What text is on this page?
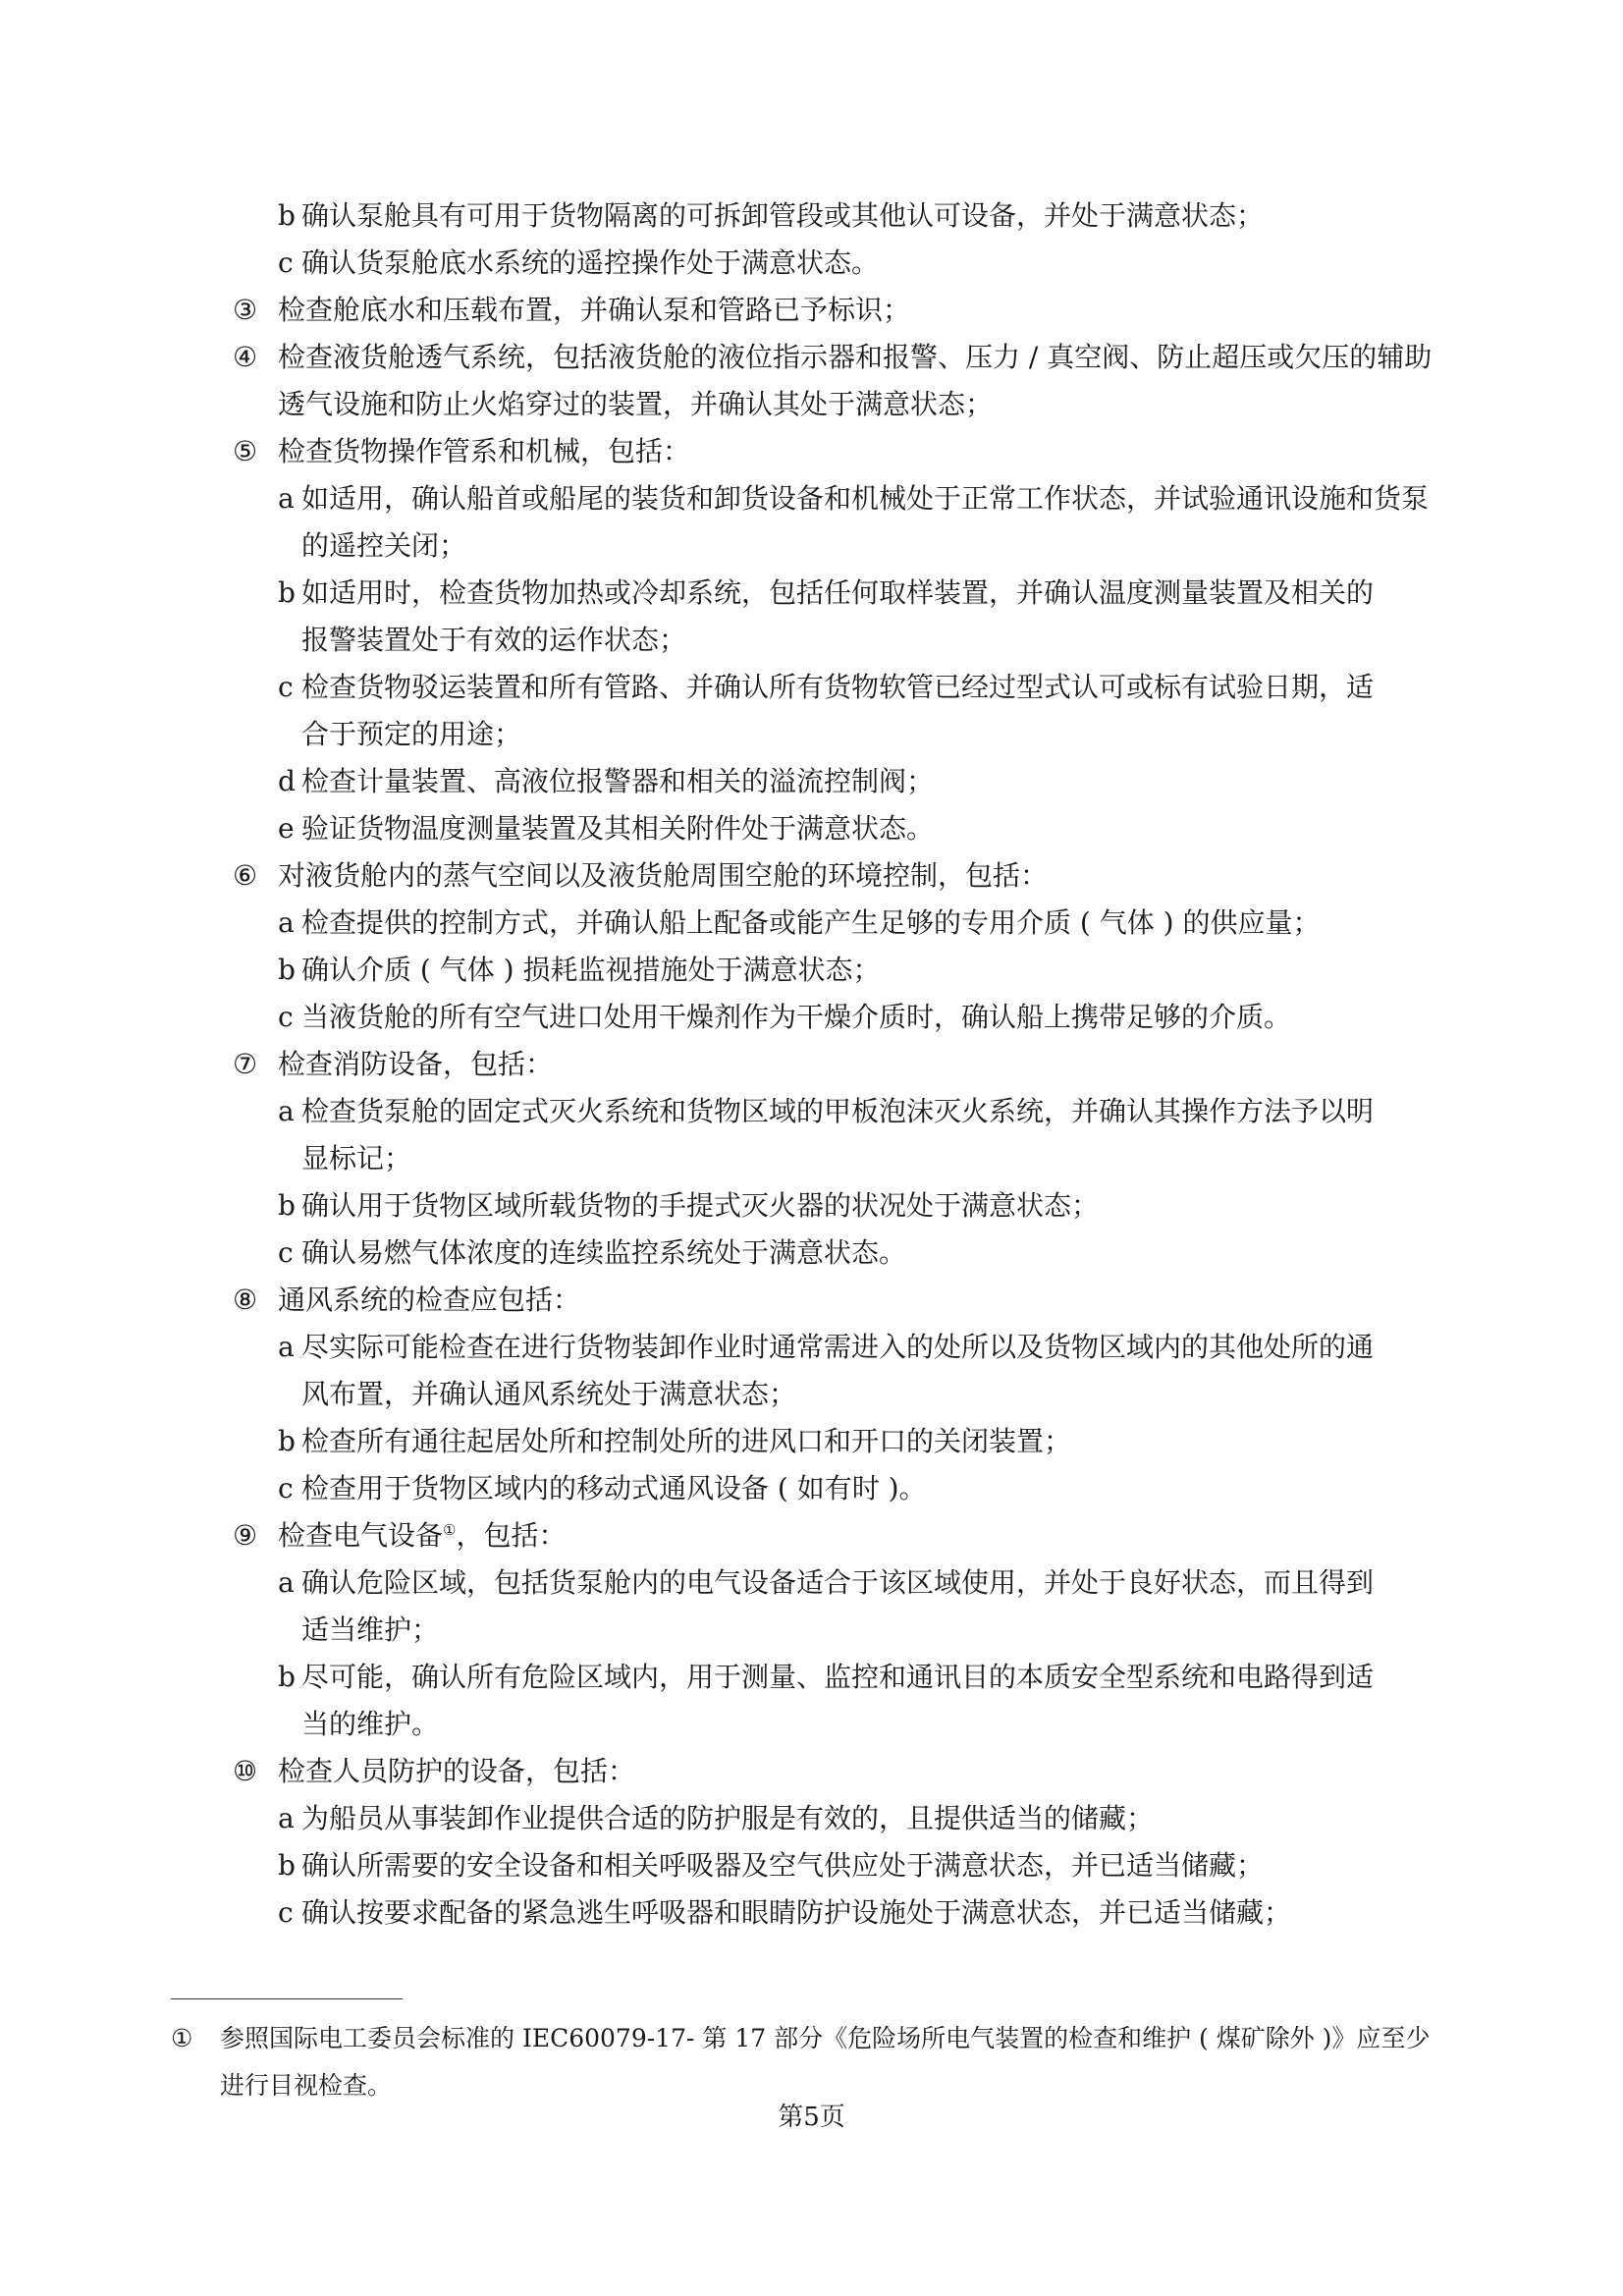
b 确认泵舱具有可用于货物隔离的可拆卸管段或其他认可设备，并处于满意状态；
c 确认货泵舱底水系统的遥控操作处于满意状态。
③ 检查舱底水和压载布置，并确认泵和管路已予标识；
④ 检查液货舱透气系统，包括液货舱的液位指示器和报警、压力 / 真空阀、防止超压或欠压的辅助
透气设施和防止火焰穿过的装置，并确认其处于满意状态；
⑤ 检查货物操作管系和机械，包括：
a 如适用，确认船首或船尾的装货和卸货设备和机械处于正常工作状态，并试验通讯设施和货泵
的遥控关闭；
b 如适用时，检查货物加热或冷却系统，包括任何取样装置，并确认温度测量装置及相关的
报警装置处于有效的运作状态；
c 检查货物驳运装置和所有管路、并确认所有货物软管已经过型式认可或标有试验日期，适
合于预定的用途；
d 检查计量装置、高液位报警器和相关的溢流控制阀；
e 验证货物温度测量装置及其相关附件处于满意状态。
⑥ 对液货舱内的蒸气空间以及液货舱周围空舱的环境控制，包括：
a 检查提供的控制方式，并确认船上配备或能产生足够的专用介质 ( 气体 ) 的供应量；
b 确认介质 ( 气体 ) 损耗监视措施处于满意状态；
c 当液货舱的所有空气进口处用干燥剂作为干燥介质时，确认船上携带足够的介质。
⑦ 检查消防设备，包括：
a 检查货泵舱的固定式灭火系统和货物区域的甲板泡沫灭火系统，并确认其操作方法予以明
显标记；
b 确认用于货物区域所载货物的手提式灭火器的状况处于满意状态；
c 确认易燃气体浓度的连续监控系统处于满意状态。
⑧ 通风系统的检查应包括：
a 尽实际可能检查在进行货物装卸作业时通常需进入的处所以及货物区域内的其他处所的通
风布置，并确认通风系统处于满意状态；
b 检查所有通往起居处所和控制处所的进风口和开口的关闭装置；
c 检查用于货物区域内的移动式通风设备 ( 如有时 )。
⑨ 检查电气设备①，包括：
a 确认危险区域，包括货泵舱内的电气设备适合于该区域使用，并处于良好状态，而且得到
适当维护；
b 尽可能，确认所有危险区域内，用于测量、监控和通讯目的本质安全型系统和电路得到适
当的维护。
⑩ 检查人员防护的设备，包括：
a 为船员从事装卸作业提供合适的防护服是有效的，且提供适当的储藏；
b 确认所需要的安全设备和相关呼吸器及空气供应处于满意状态，并已适当储藏；
c 确认按要求配备的紧急逃生呼吸器和眼睛防护设施处于满意状态，并已适当储藏；
① 参照国际电工委员会标准的 IEC60079-17- 第 17 部分《危险场所电气装置的检查和维护 ( 煤矿除外 )》应至少
进行目视检查。
第5页
